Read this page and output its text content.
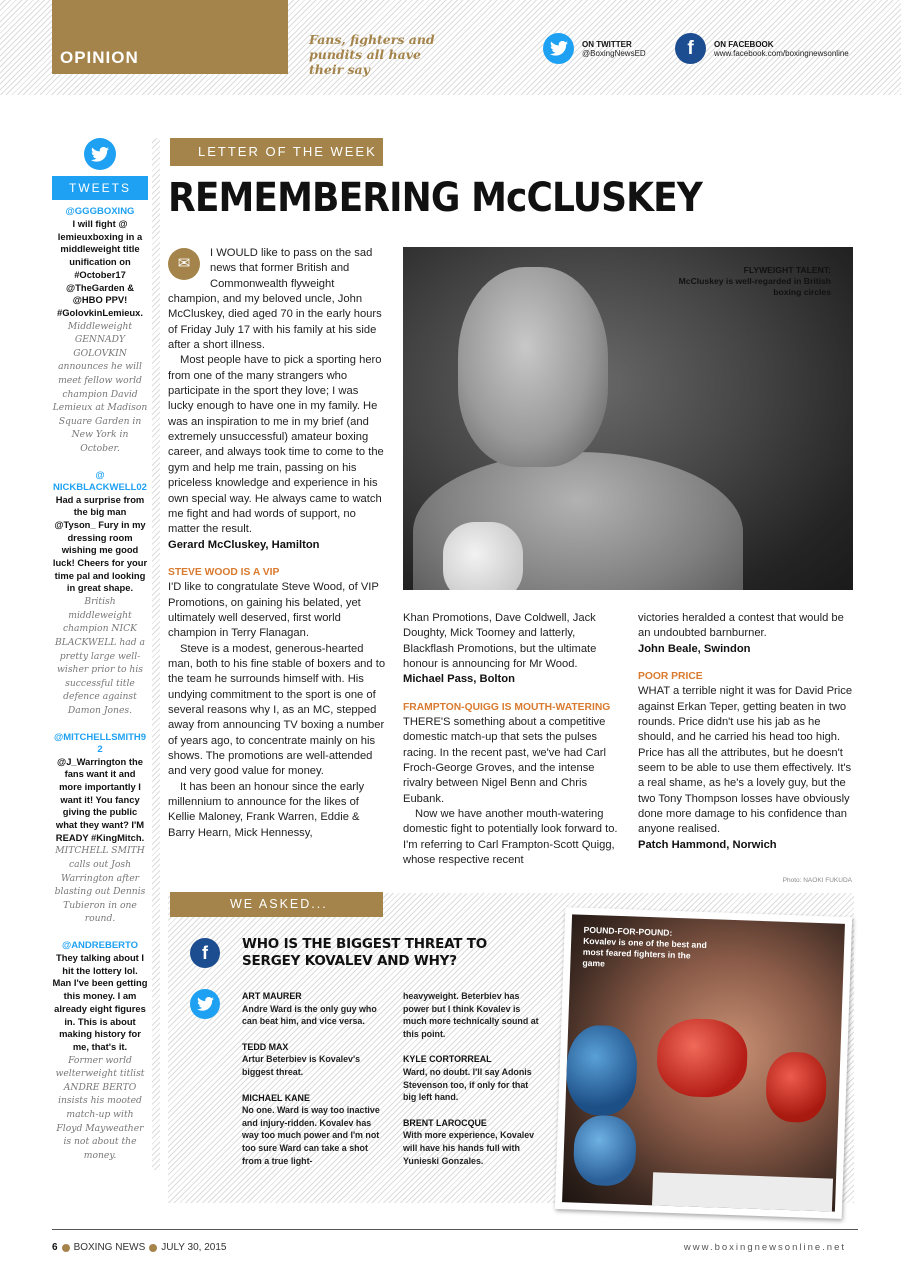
OPINION
Fans, fighters and pundits all have their say
ON TWITTER
@BoxingNewsED	f	ON FACEBOOK
www.facebook.com/boxingnewsonline
TWEETS
@GGGBOXING
I will fight @ lemieuxboxing in a middleweight title unification on #October17 @TheGarden & @HBO PPV! #GolovkinLemieux.
Middleweight GENNADY GOLOVKIN announces he will meet fellow world champion David Lemieux at Madison Square Garden in New York in October.
@ NICKBLACKWELL02
Had a surprise from the big man @Tyson_ Fury in my dressing room wishing me good luck! Cheers for your time pal and looking in great shape.
British middleweight champion NICK BLACKWELL had a pretty large well-wisher prior to his successful title defence against Damon Jones.
@MITCHELLSMITH92
@J_Warrington the fans want it and more importantly I want it! You fancy giving the public what they want? I'M READY #KingMitch.
MITCHELL SMITH calls out Josh Warrington after blasting out Dennis Tubieron in one round.
@ANDREBERTO
They talking about I hit the lottery lol. Man I've been getting this money. I am already eight figures in. This is about making history for me, that's it.
Former world welterweight titlist ANDRE BERTO insists his mooted match-up with Floyd Mayweather is not about the money.
LETTER OF THE WEEK
REMEMBERING McCLUSKEY
✉

I WOULD like to pass on the sad news that former British and Commonwealth flyweight champion, and my beloved uncle, John McCluskey, died aged 70 in the early hours of Friday July 17 with his family at his side after a short illness.

Most people have to pick a sporting hero from one of the many strangers who participate in the sport they love; I was lucky enough to have one in my family. He was an inspiration to me in my brief (and extremely unsuccessful) amateur boxing career, and always took time to come to the gym and help me train, passing on his priceless knowledge and experience in his own special way. He always came to watch me fight and had words of support, no matter the result.

Gerard McCluskey, Hamilton
STEVE WOOD IS A VIP

I'D like to congratulate Steve Wood, of VIP Promotions, on gaining his belated, yet ultimately well deserved, first world champion in Terry Flanagan.

Steve is a modest, generous-hearted man, both to his fine stable of boxers and to the team he surrounds himself with. His undying commitment to the sport is one of several reasons why I, as an MC, stepped away from announcing TV boxing a number of years ago, to concentrate mainly on his shows. The promotions are well-attended and very good value for money.

It has been an honour since the early millennium to announce for the likes of Kellie Maloney, Frank Warren, Eddie & Barry Hearn, Mick Hennessy,

FLYWEIGHT TALENT:
McCluskey is well-regarded in British boxing circles

Khan Promotions, Dave Coldwell, Jack Doughty, Mick Toomey and latterly, Blackflash Promotions, but the ultimate honour is announcing for Mr Wood.

Michael Pass, Bolton
FRAMPTON-QUIGG IS MOUTH-WATERING

THERE'S something about a competitive domestic match-up that sets the pulses racing. In the recent past, we've had Carl Froch-George Groves, and the intense rivalry between Nigel Benn and Chris Eubank.

Now we have another mouth-watering domestic fight to potentially look forward to. I'm referring to Carl Frampton-Scott Quigg, whose respective recent

victories heralded a contest that would be an undoubted barnburner.

John Beale, Swindon
POOR PRICE

WHAT a terrible night it was for David Price against Erkan Teper, getting beaten in two rounds. Price didn't use his jab as he should, and he carried his head too high. Price has all the attributes, but he doesn't seem to be able to use them effectively. It's a real shame, as he's a lovely guy, but the two Tony Thompson losses have obviously done more damage to his confidence than anyone realised.

Patch Hammond, Norwich
Photo: NAOKI FUKUDA
WE ASKED...
f	WHO IS THE BIGGEST THREAT TO SERGEY KOVALEV AND WHY?
ART MAURER
Andre Ward is the only guy who can beat him, and vice versa.
TEDD MAX
Artur Beterbiev is Kovalev's biggest threat.
MICHAEL KANE
No one. Ward is way too inactive and injury-ridden. Kovalev has way too much power and I'm not too sure Ward can take a shot from a true light-
heavyweight. Beterbiev has power but I think Kovalev is much more technically sound at this point.
KYLE CORTORREAL
Ward, no doubt. I'll say Adonis Stevenson too, if only for that big left hand.
BRENT LAROCQUE
With more experience, Kovalev will have his hands full with Yunieski Gonzales.
POUND-FOR-POUND:
Kovalev is one of the best and most feared fighters in the game
6 BOXING NEWS JULY 30, 2015	www.boxingnewsonline.net
